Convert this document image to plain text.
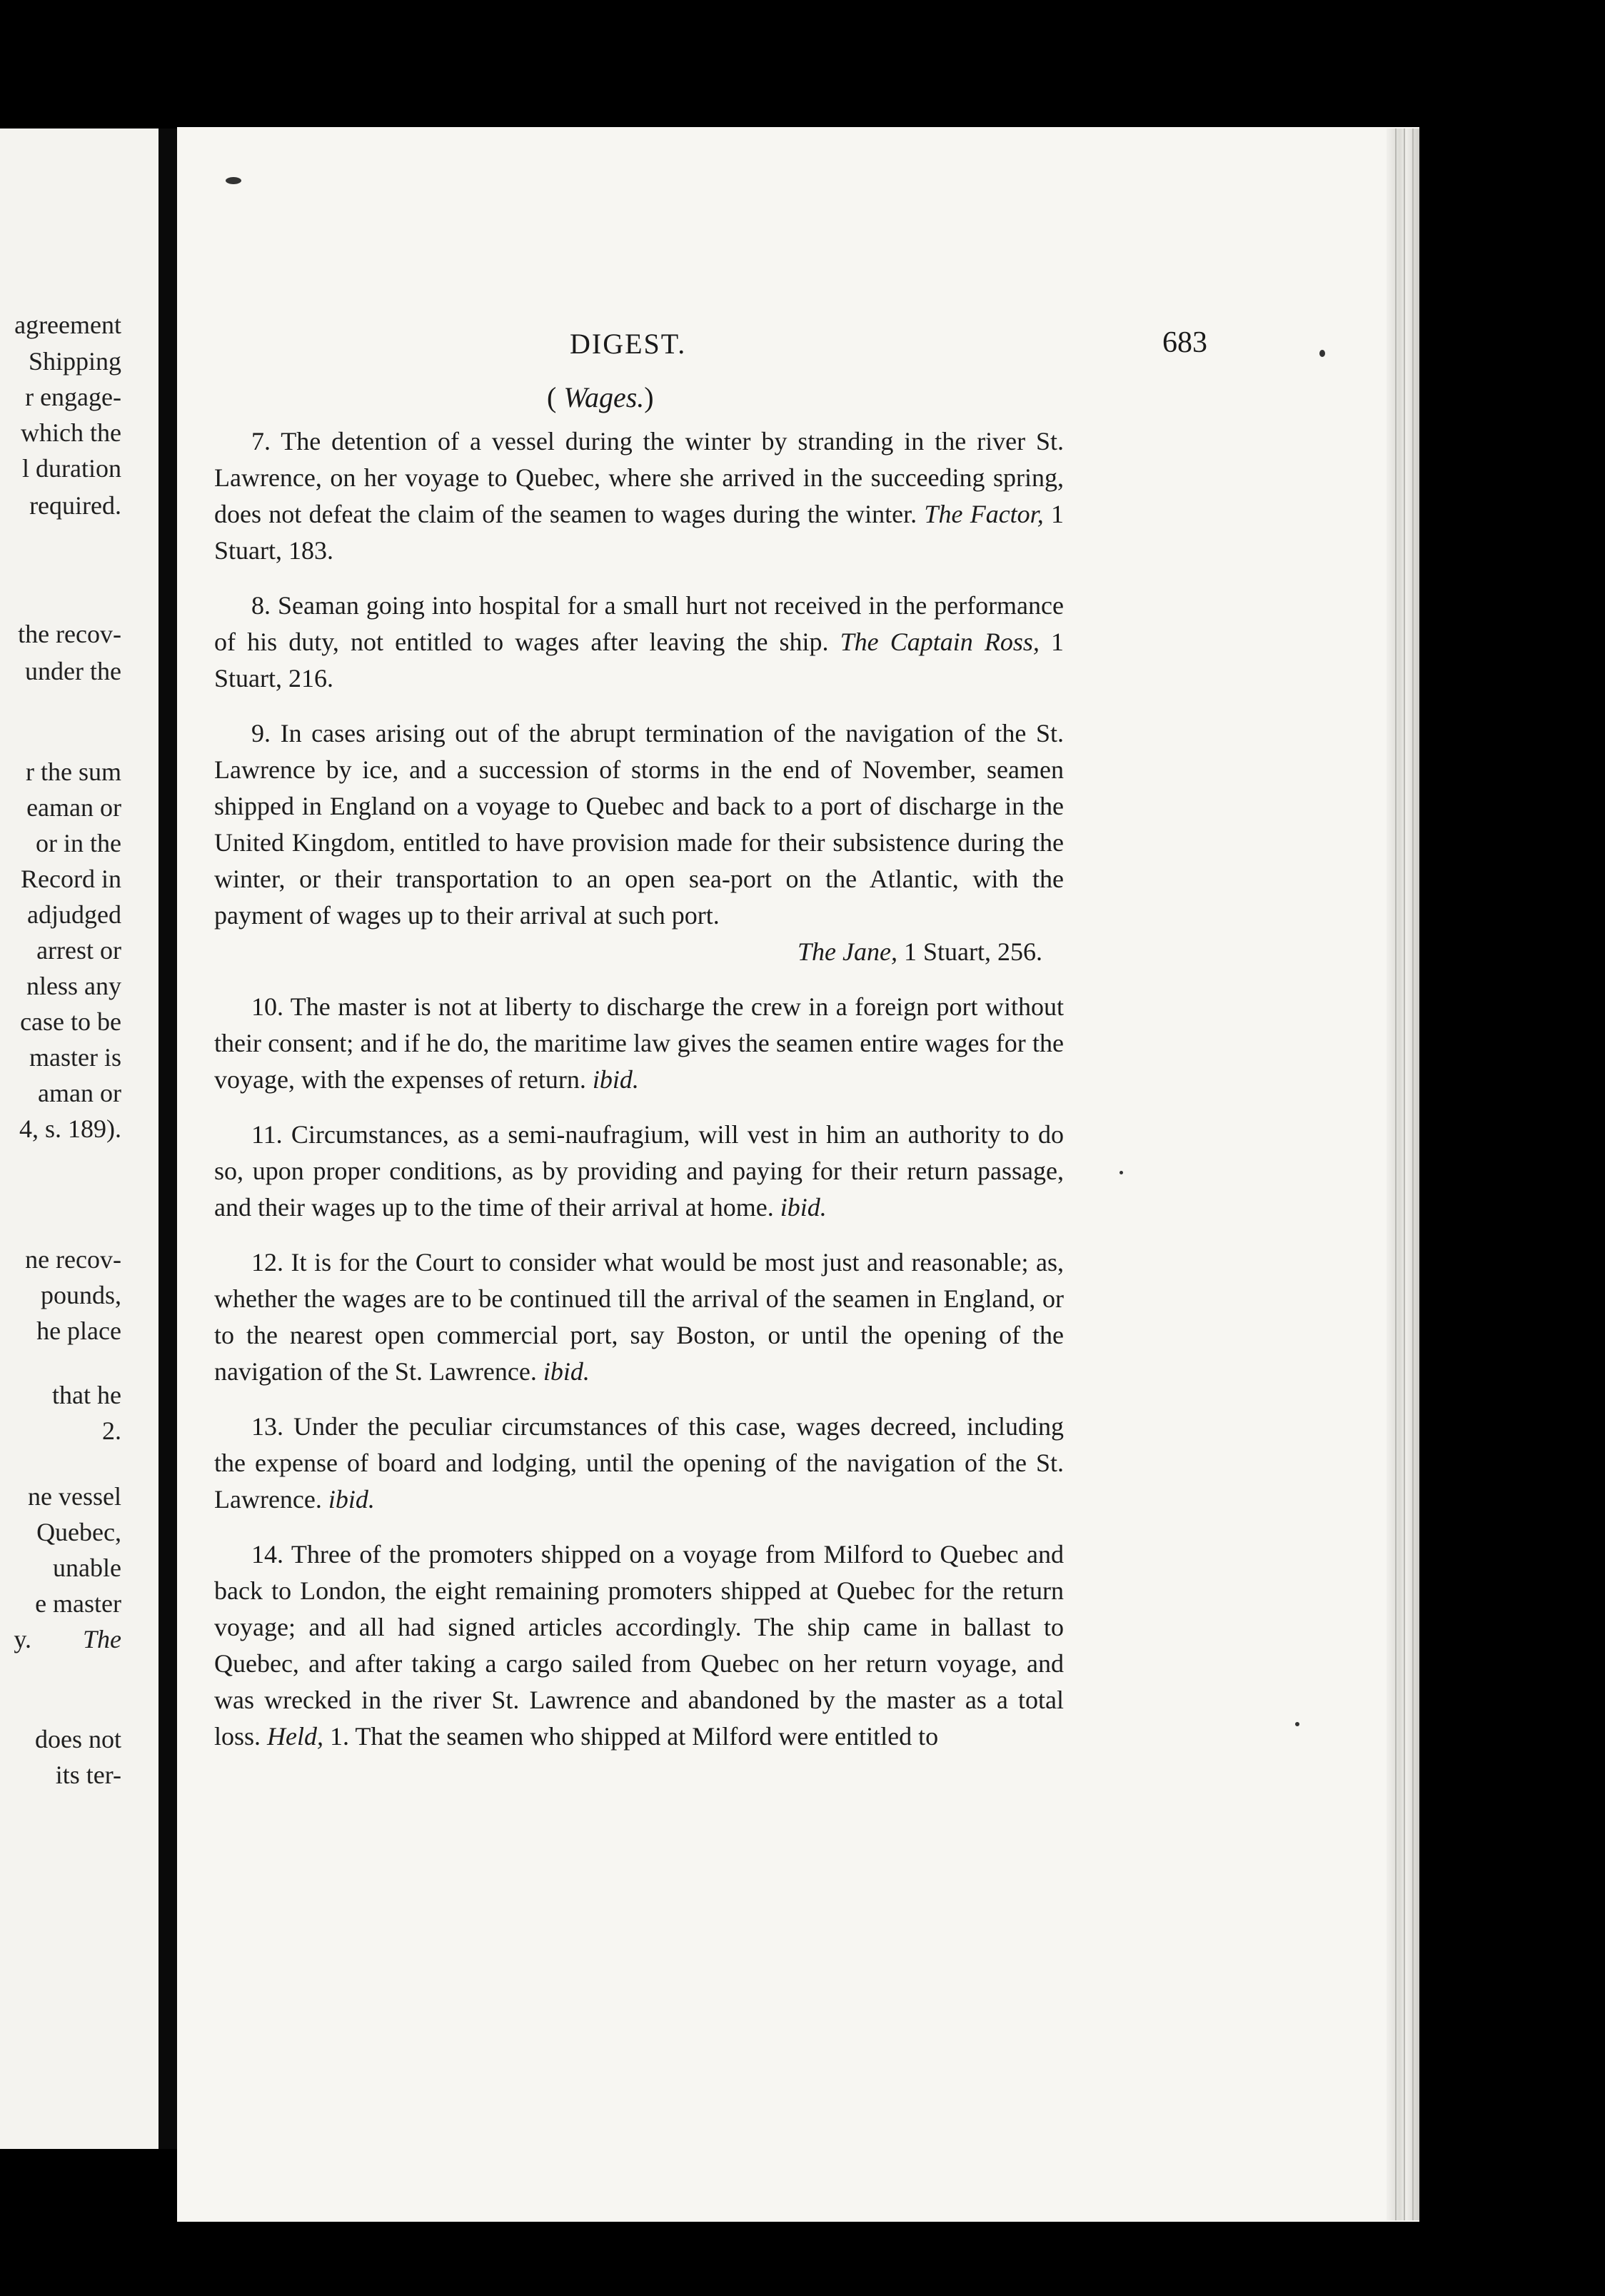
agreement
Shipping
r engage-
which the
l duration
required.
the recov-
under the
r the sum
eaman or
or in the
Record in
adjudged
arrest or
nless any
case to be
master is
aman or
4, s. 189).
ne recov-
pounds,
he place
that he
2.
ne vessel
Quebec,
unable
e master
y. The
does not
its ter-
DIGEST.	683
( Wages.)

7. The detention of a vessel during the winter by stranding in the river St. Lawrence, on her voyage to Quebec, where she arrived in the succeeding spring, does not defeat the claim of the seamen to wages during the winter. The Factor, 1 Stuart, 183.

8. Seaman going into hospital for a small hurt not received in the performance of his duty, not entitled to wages after leaving the ship. The Captain Ross, 1 Stuart, 216.

9. In cases arising out of the abrupt termination of the navigation of the St. Lawrence by ice, and a succession of storms in the end of November, seamen shipped in England on a voyage to Quebec and back to a port of discharge in the United Kingdom, entitled to have provision made for their subsistence during the winter, or their transportation to an open sea-port on the Atlantic, with the payment of wages up to their arrival at such port.

The Jane, 1 Stuart, 256.

10. The master is not at liberty to discharge the crew in a foreign port without their consent; and if he do, the maritime law gives the seamen entire wages for the voyage, with the expenses of return. ibid.

11. Circumstances, as a semi-naufragium, will vest in him an authority to do so, upon proper conditions, as by providing and paying for their return passage, and their wages up to the time of their arrival at home. ibid.

12. It is for the Court to consider what would be most just and reasonable; as, whether the wages are to be continued till the arrival of the seamen in England, or to the nearest open commercial port, say Boston, or until the opening of the navigation of the St. Lawrence. ibid.

13. Under the peculiar circumstances of this case, wages decreed, including the expense of board and lodging, until the opening of the navigation of the St. Lawrence. ibid.

14. Three of the promoters shipped on a voyage from Milford to Quebec and back to London, the eight remaining promoters shipped at Quebec for the return voyage; and all had signed articles accordingly. The ship came in ballast to Quebec, and after taking a cargo sailed from Quebec on her return voyage, and was wrecked in the river St. Lawrence and abandoned by the master as a total loss. Held, 1. That the seamen who shipped at Milford were entitled to
